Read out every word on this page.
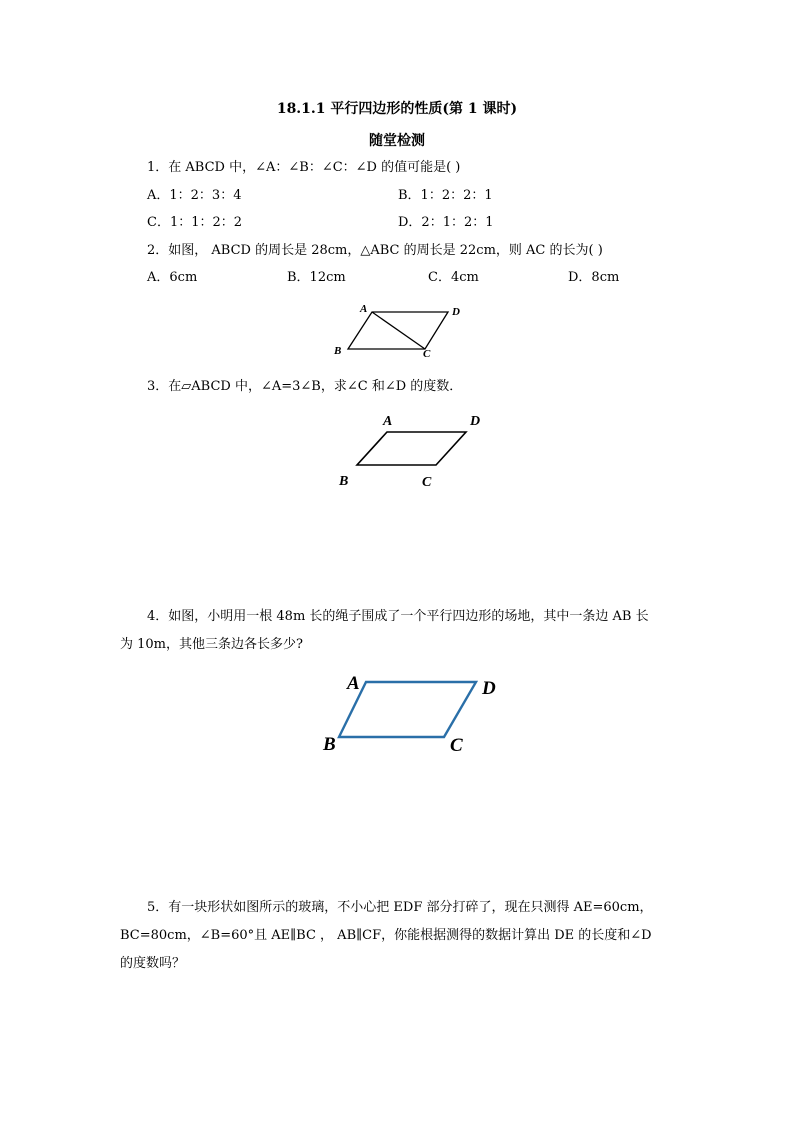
18.1.1 平行四边形的性质(第 1 课时)
随堂检测
1．在 ABCD 中，∠A：∠B：∠C：∠D 的值可能是( )
A．1：2：3：4	B．1：2：2：1
C．1：1：2：2	D．2：1：2：1
2．如图， ABCD 的周长是 28cm，△ABC 的周长是 22cm，则 AC 的长为( )
A．6cm	B．12cm	C．4cm	D．8cm
A	D
B	C
3．在▱ABCD 中，∠A=3∠B，求∠C 和∠D 的度数．
A	D
B	C
4．如图，小明用一根 48m 长的绳子围成了一个平行四边形的场地，其中一条边 AB 长
为 10m，其他三条边各长多少?
A	D
B	C
5．有一块形状如图所示的玻璃，不小心把 EDF 部分打碎了，现在只测得 AE=60cm，
BC=80cm，∠B=60°且 AE∥BC ， AB∥CF，你能根据测得的数据计算出 DE 的长度和∠D
的度数吗？
